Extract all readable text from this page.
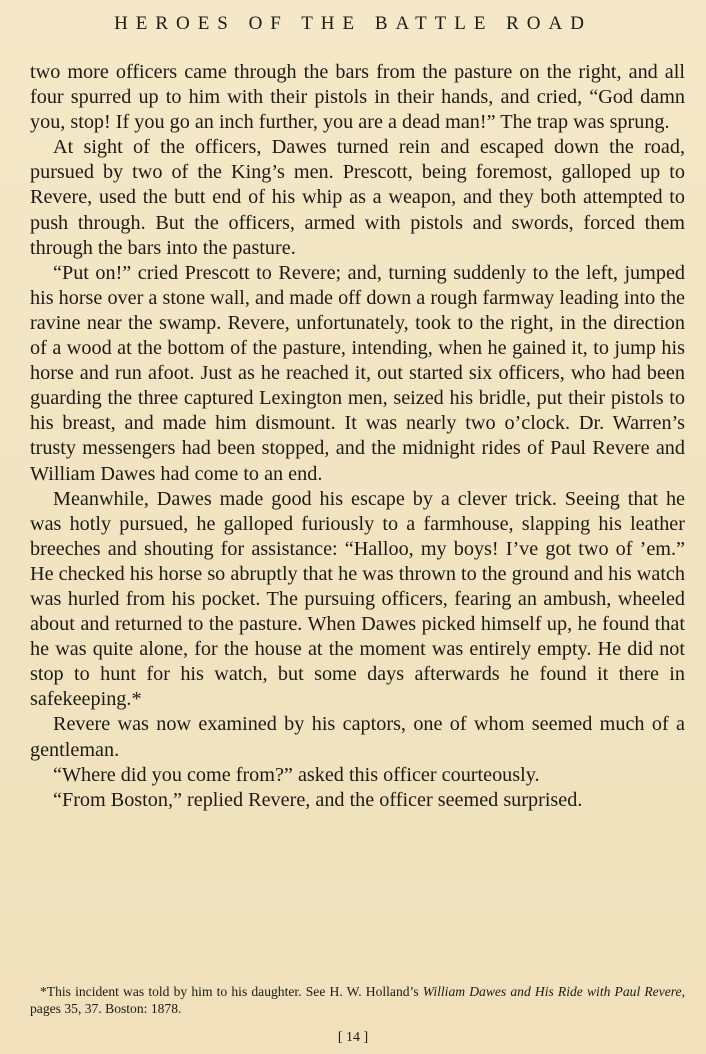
HEROES OF THE BATTLE ROAD

two more officers came through the bars from the pasture on the right, and all four spurred up to him with their pistols in their hands, and cried, “God damn you, stop! If you go an inch further, you are a dead man!” The trap was sprung.

At sight of the officers, Dawes turned rein and escaped down the road, pursued by two of the King’s men. Prescott, being foremost, galloped up to Revere, used the butt end of his whip as a weapon, and they both attempted to push through. But the officers, armed with pistols and swords, forced them through the bars into the pasture.

“Put on!” cried Prescott to Revere; and, turning suddenly to the left, jumped his horse over a stone wall, and made off down a rough farmway leading into the ravine near the swamp. Revere, unfortunately, took to the right, in the direction of a wood at the bottom of the pasture, intending, when he gained it, to jump his horse and run afoot. Just as he reached it, out started six officers, who had been guarding the three captured Lexington men, seized his bridle, put their pistols to his breast, and made him dismount. It was nearly two o’clock. Dr. Warren’s trusty messengers had been stopped, and the midnight rides of Paul Revere and William Dawes had come to an end.

Meanwhile, Dawes made good his escape by a clever trick. Seeing that he was hotly pursued, he galloped furiously to a farmhouse, slapping his leather breeches and shouting for assistance: “Halloo, my boys! I’ve got two of ’em.” He checked his horse so abruptly that he was thrown to the ground and his watch was hurled from his pocket. The pursuing officers, fearing an ambush, wheeled about and returned to the pasture. When Dawes picked himself up, he found that he was quite alone, for the house at the moment was entirely empty. He did not stop to hunt for his watch, but some days afterwards he found it there in safekeeping.*

Revere was now examined by his captors, one of whom seemed much of a gentleman.

“Where did you come from?” asked this officer courteously.

“From Boston,” replied Revere, and the officer seemed surprised.

*This incident was told by him to his daughter. See H. W. Holland’s William Dawes and His Ride with Paul Revere, pages 35, 37. Boston: 1878.

[ 14 ]
